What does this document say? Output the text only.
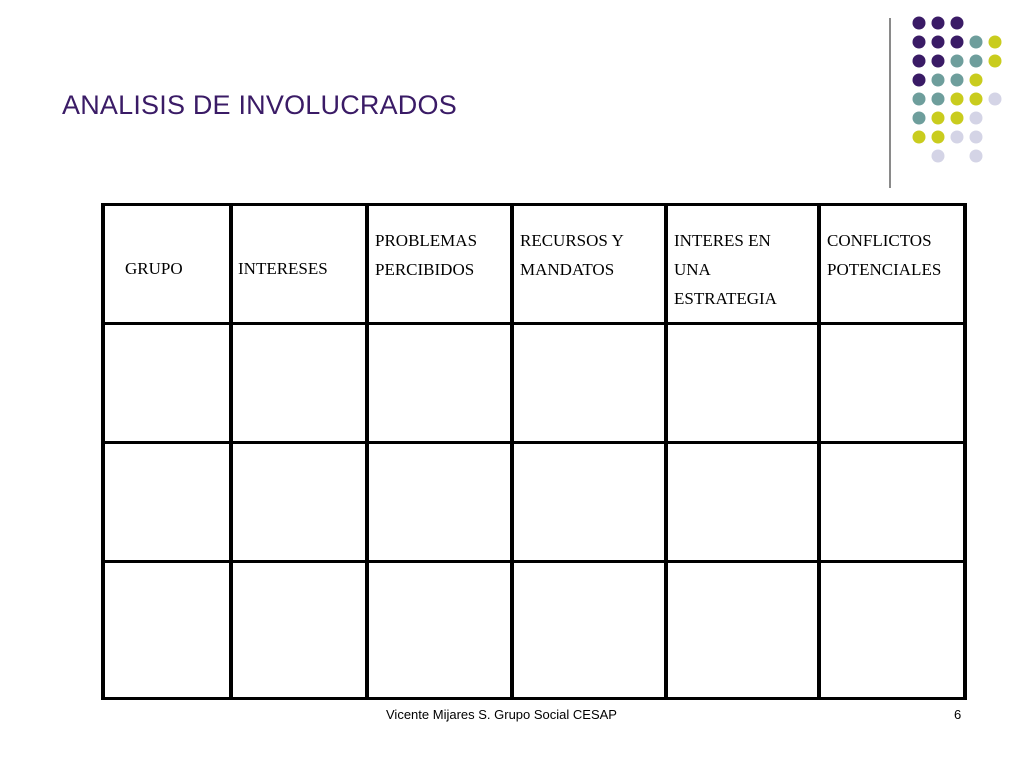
ANALISIS DE INVOLUCRADOS
GRUPO	INTERESES
PROBLEMAS
PERCIBIDOS
RECURSOS Y
MANDATOS
INTERES EN
UNA
ESTRATEGIA
CONFLICTOS
POTENCIALES
Vicente Mijares S. Grupo Social CESAP	6
